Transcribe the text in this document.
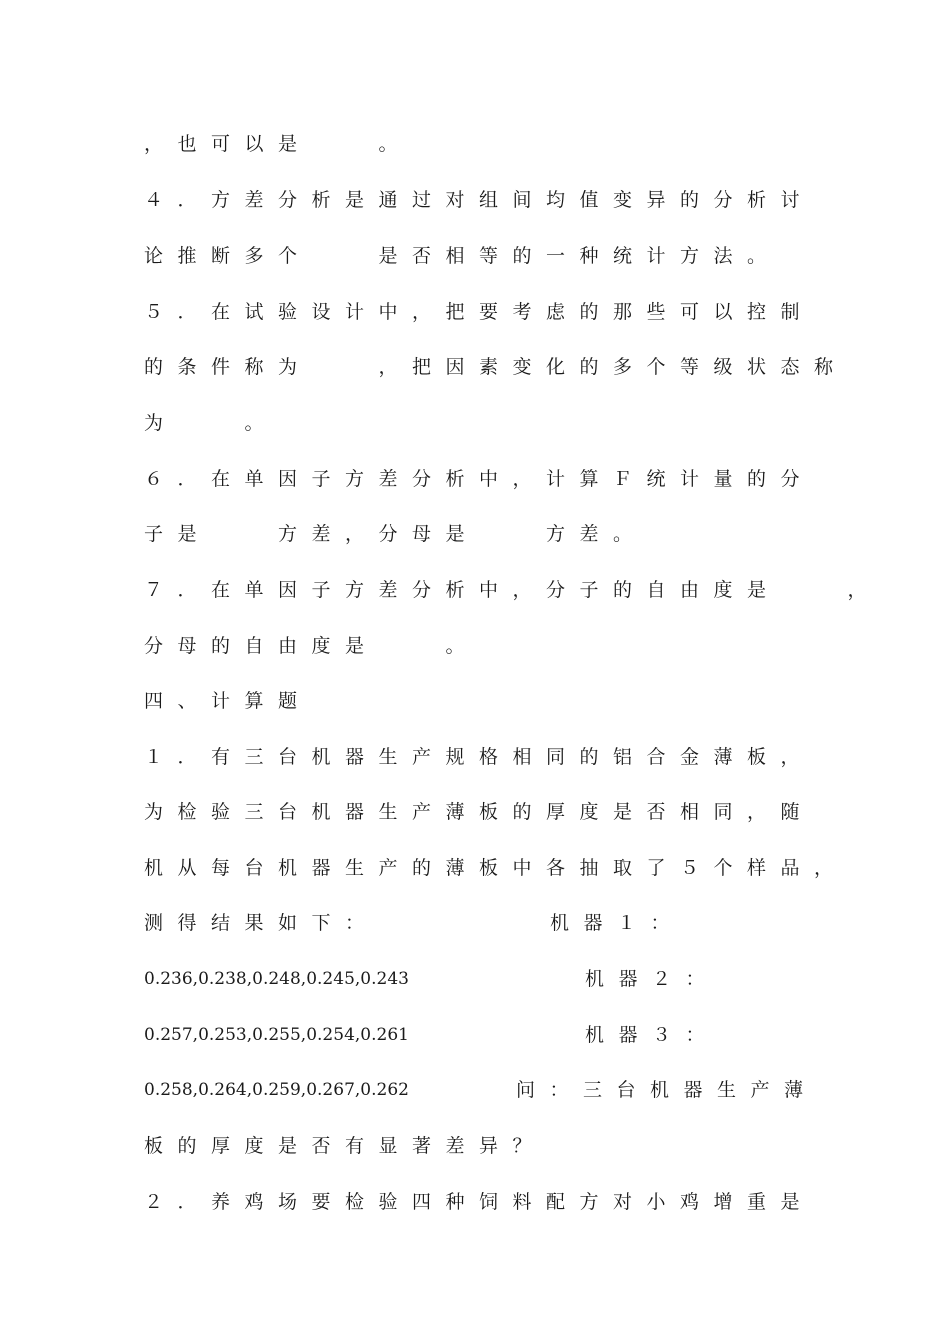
，也可以是　　。
４．方差分析是通过对组间均值变异的分析讨
论推断多个　　是否相等的一种统计方法。
５．在试验设计中，把要考虑的那些可以控制
的条件称为　　，把因素变化的多个等级状态称
为　　。
６．在单因子方差分析中，计算Ｆ统计量的分
子是　　方差，分母是　　方差。
７．在单因子方差分析中，分子的自由度是　　，
分母的自由度是　　。
四、计算题
１．有三台机器生产规格相同的铝合金薄板，
为检验三台机器生产薄板的厚度是否相同，随
机从每台机器生产的薄板中各抽取了５个样品，
测得结果如下：	机器１：
0.236,0.238,0.248,0.245,0.243	机器２：
0.257,0.253,0.255,0.254,0.261	机器３：
0.258,0.264,0.259,0.267,0.262	问：三台机器生产薄
板的厚度是否有显著差异？
２．养鸡场要检验四种饲料配方对小鸡增重是
